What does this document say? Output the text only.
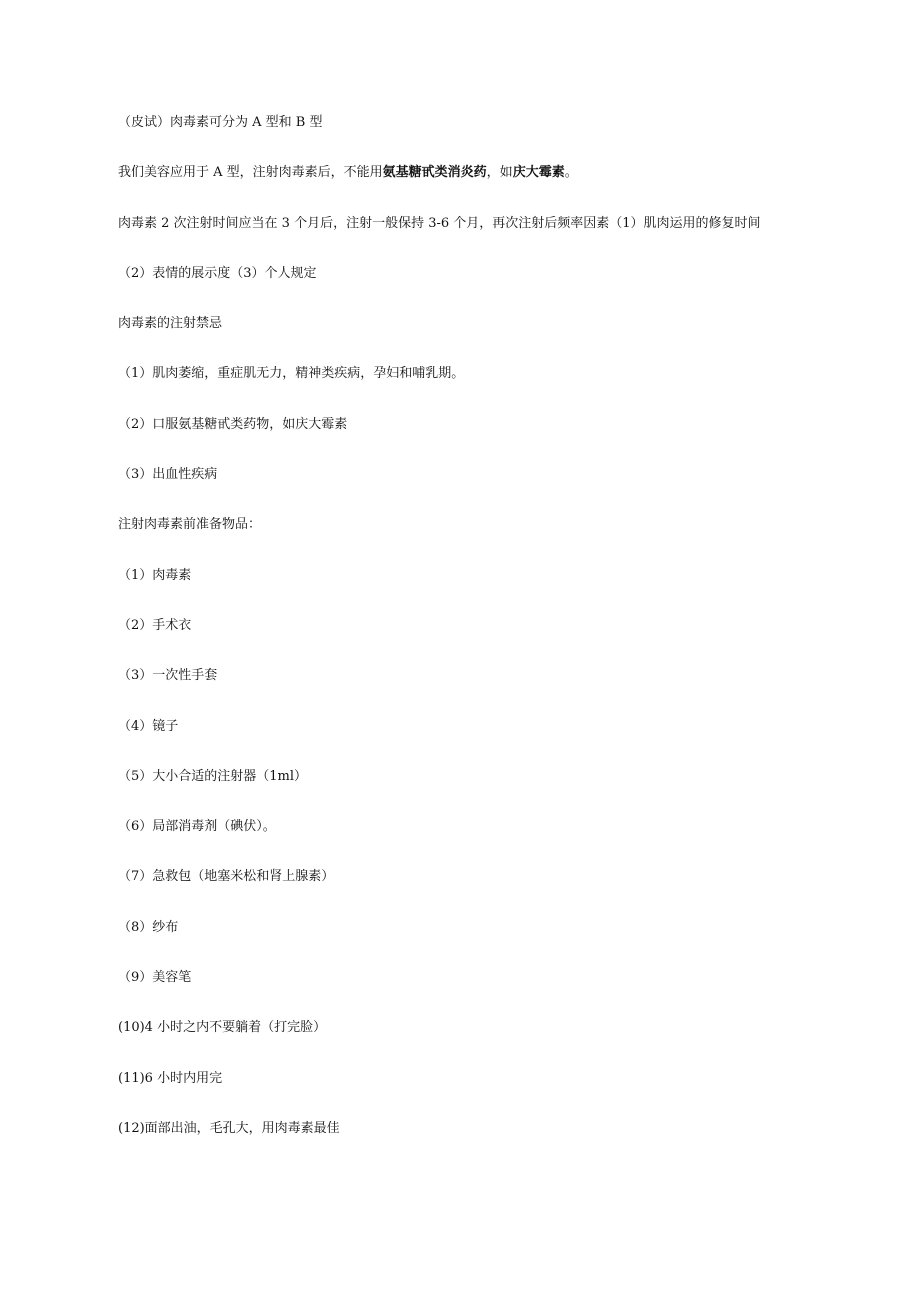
（皮试）肉毒素可分为 A 型和 B 型

我们美容应用于 A 型，注射肉毒素后，不能用氨基糖甙类消炎药，如庆大霉素。

肉毒素 2 次注射时间应当在 3 个月后，注射一般保持 3-6 个月，再次注射后频率因素（1）肌肉运用的修复时间

（2）表情的展示度（3）个人规定

肉毒素的注射禁忌

（1）肌肉萎缩，重症肌无力，精神类疾病，孕妇和哺乳期。

（2）口服氨基糖甙类药物，如庆大霉素

（3）出血性疾病

注射肉毒素前准备物品：

（1）肉毒素

（2）手术衣

（3）一次性手套

（4）镜子

（5）大小合适的注射器（1ml）

（6）局部消毒剂（碘伏）。

（7）急救包（地塞米松和肾上腺素）

（8）纱布

（9）美容笔

(10)4 小时之内不要躺着（打完脸）

(11)6 小时内用完

(12)面部出油，毛孔大，用肉毒素最佳
